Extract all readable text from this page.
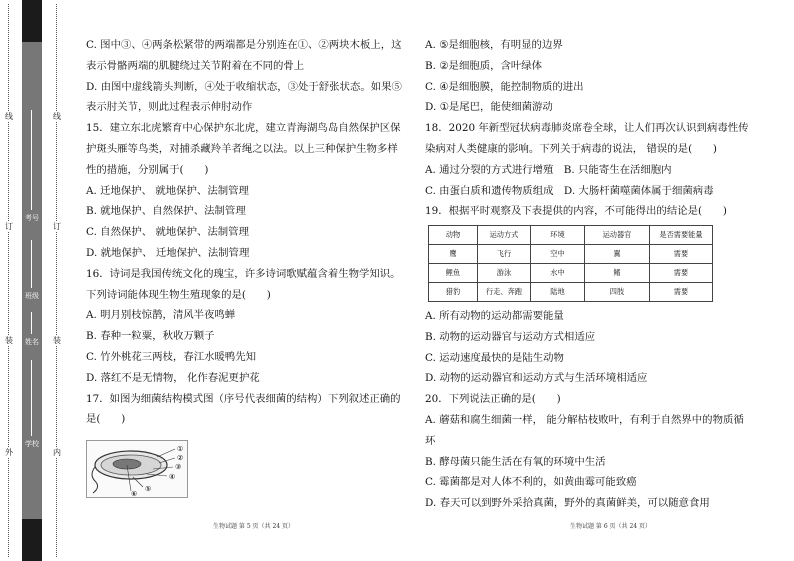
线
订
装
外
线
订
装
内
考号
班级
姓名
学校

C. 图中③、④两条松紧带的两端都是分别连在①、②两块木板上，这

表示骨骼两端的肌腱绕过关节附着在不同的骨上

D. 由图中虚线箭头判断，④处于收缩状态，③处于舒张状态。如果⑤

表示肘关节，则此过程表示伸肘动作

15．建立东北虎繁育中心保护东北虎，建立青海湖鸟岛自然保护区保

护斑头雁等鸟类，对捕杀藏羚羊者绳之以法。以上三种保护生物多样

性的措施，分别属于(　　)

A. 迁地保护、 就地保护、法制管理

B. 就地保护、自然保护、法制管理

C. 自然保护、 就地保护、法制管理

D. 就地保护、 迁地保护、法制管理

16．诗词是我国传统文化的瑰宝，许多诗词歌赋蕴含着生物学知识。

下列诗词能体现生物生殖现象的是(　　)

A. 明月别枝惊鹊，清风半夜鸣蝉

B. 春种一粒粟，秋收万颗子

C. 竹外桃花三两枝，春江水暖鸭先知

D. 落红不是无情物， 化作春泥更护花

17．如图为细菌结构模式图（序号代表细菌的结构）下列叙述正确的

是(　　)

①
②
③
④
⑤
⑥

A. ⑤是细胞核，有明显的边界

B. ②是细胞质，含叶绿体

C. ④是细胞膜，能控制物质的进出

D. ①是尾巴，能使细菌游动

18．2020 年新型冠状病毒肺炎席卷全球，让人们再次认识到病毒性传

染病对人类健康的影响。下列关于病毒的说法， 错误的是(　　)

A. 通过分裂的方式进行增殖　B. 只能寄生在活细胞内

C. 由蛋白质和遗传物质组成　D. 大肠杆菌噬菌体属于细菌病毒

19．根据平时观察及下表提供的内容，不可能得出的结论是(　　)

动物	运动方式	环境	运动器官	是否需要能量
鹰	飞行	空中	翼	需要
鲤鱼	游泳	水中	鳍	需要
猎豹	行走、奔跑	陆地	四肢	需要

A. 所有动物的运动都需要能量

B. 动物的运动器官与运动方式相适应

C. 运动速度最快的是陆生动物

D. 动物的运动器官和运动方式与生活环境相适应

20．下列说法正确的是(　　)

A. 蘑菇和腐生细菌一样， 能分解枯枝败叶，有利于自然界中的物质循

环

B. 酵母菌只能生活在有氧的环境中生活

C. 霉菌都是对人体不利的，如黄曲霉可能致癌

D. 春天可以到野外采拾真菌，野外的真菌鲜美，可以随意食用

生物试题 第 5 页（共 24 页）	生物试题 第 6 页（共 24 页）
